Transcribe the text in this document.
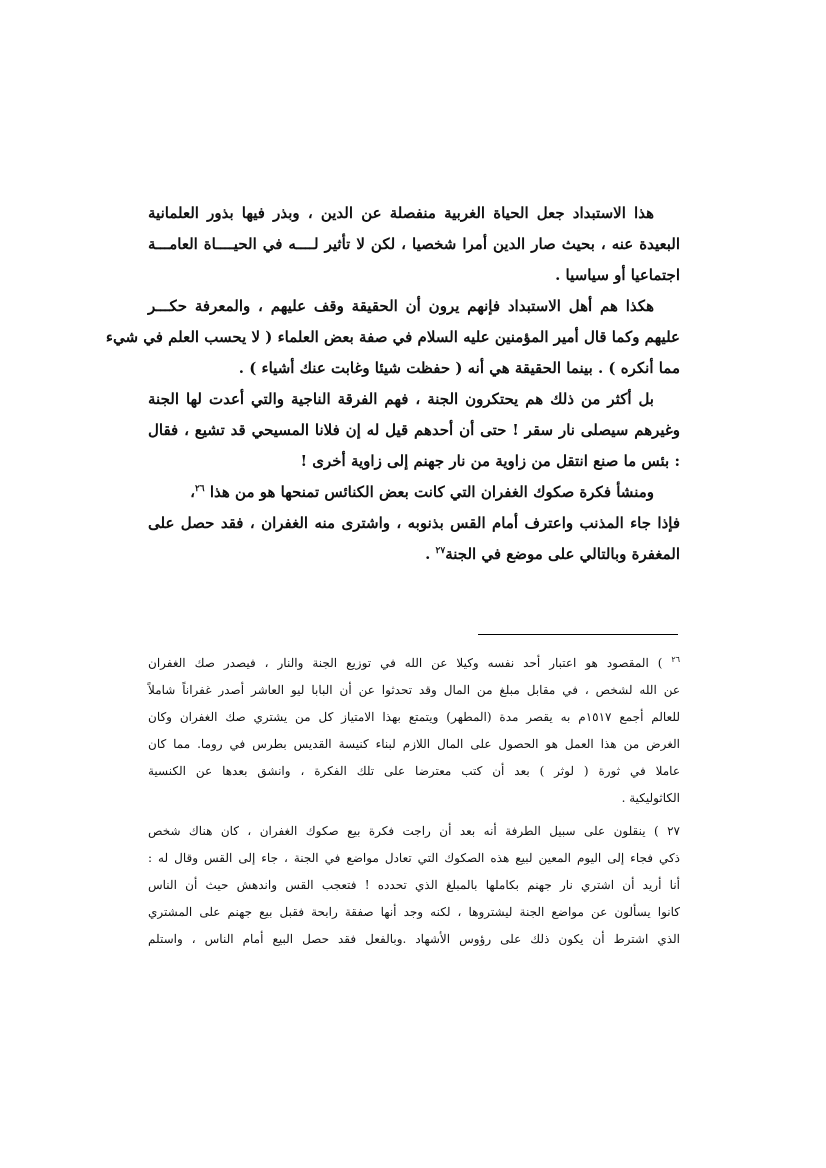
هذا الاستبداد جعل الحياة الغربية منفصلة عن الدين ، وبذر فيها بذور العلمانية
البعيدة عنه ، بحيث صار الدين أمرا شخصيا ، لكن لا تأثير لــــه في الحيــــاة العامـــة
اجتماعيا أو سياسيا .

هكذا هم أهل الاستبداد فإنهم يرون أن الحقيقة وقف عليهم ، والمعرفة حكـــر
عليهم وكما قال أمير المؤمنين عليه السلام في صفة بعض العلماء ( لا يحسب العلم في شيء
مما أنكره ) . بينما الحقيقة هي أنه ( حفظت شيئا وغابت عنك أشياء ) .

بل أكثر من ذلك هم يحتكرون الجنة ، فهم الفرقة الناجية والتي أعدت لها الجنة
وغيرهم سيصلى نار سقر ! حتى أن أحدهم قيل له إن فلانا المسيحي قد تشيع ، فقال
: بئس ما صنع انتقل من زاوية من نار جهنم إلى زاوية أخرى !

ومنشأ فكرة صكوك الغفران التي كانت بعض الكنائس تمنحها هو من هذا $^{٢٦}$،
فإذا جاء المذنب واعترف أمام القس بذنوبه ، واشترى منه الغفران ، فقد حصل على
المغفرة وبالتالي على موضع في الجنة$^{٢٧}$ .

$^{٢٦}$ ) المقصود هو اعتبار أحد نفسه وكيلا عن الله في توزيع الجنة والنار ، فيصدر صك الغفران
عن الله لشخص ، في مقابل مبلغ من المال وقد تحدثوا عن أن البابا ليو العاشر أصدر غفراناً شاملاً
للعالم أجمع ١٥١٧م به يقصر مدة (المطهر) ويتمتع بهذا الامتياز كل من يشتري صك الغفران وكان
الغرض من هذا العمل هو الحصول على المال اللازم لبناء كنيسة القديس بطرس في روما. مما كان
عاملا في ثورة ( لوثر ) بعد أن كتب معترضا على تلك الفكرة ، وانشق بعدها عن الكنسية
الكاثوليكية .
٢٧ ) ينقلون على سبيل الطرفة أنه بعد أن راجت فكرة بيع صكوك الغفران ، كان هناك شخص
ذكي فجاء إلى اليوم المعين لبيع هذه الصكوك التي تعادل مواضع في الجنة ، جاء إلى القس وقال له :
أنا أريد أن اشتري نار جهنم بكاملها بالمبلغ الذي تحدده ! فتعجب القس واندهش حيث أن الناس
كانوا يسألون عن مواضع الجنة ليشتروها ، لكنه وجد أنها صفقة رابحة فقبل بيع جهنم على المشتري
الذي اشترط أن يكون ذلك على رؤوس الأشهاد .وبالفعل فقد حصل البيع أمام الناس ، واستلم
